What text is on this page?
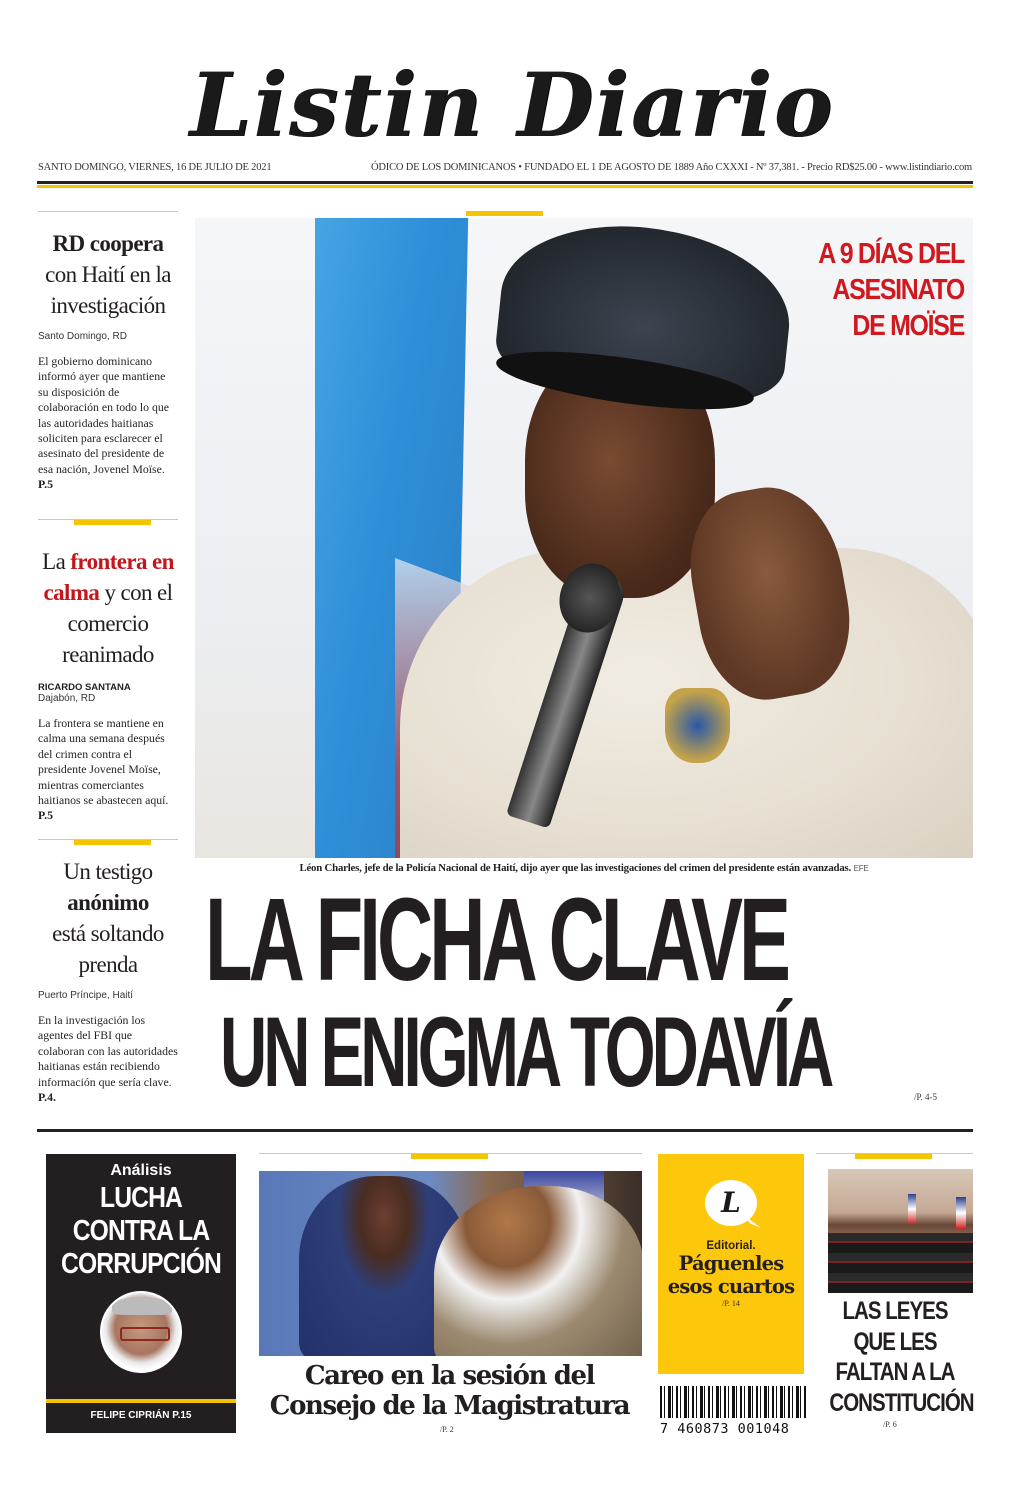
Listin Diario
SANTO DOMINGO, VIERNES, 16 DE JULIO DE 2021	ÓDICO DE LOS DOMINICANOS • FUNDADO EL 1 DE AGOSTO DE 1889 Año CXXXI - Nº 37,381. - Precio RD$25.00 - www.listindiario.com
A 9 DÍAS DEL
ASESINATO
DE MOÏSE
Léon Charles, jefe de la Policía Nacional de Haití, dijo ayer que las investigaciones del crimen del presidente están avanzadas. EFE
LA FICHA CLAVE
UN ENIGMA TODAVÍA	/P. 4-5
RD coopera
con Haití en la investigación
Santo Domingo, RD
El gobierno dominicano informó ayer que mantiene su disposición de colaboración en todo lo que las autoridades haitianas soliciten para esclarecer el asesinato del presidente de esa nación, Jovenel Moïse. P.5
La frontera en calma y con el comercio reanimado
RICARDO SANTANA
Dajabón, RD
La frontera se mantiene en calma una semana después del crimen contra el presidente Jovenel Moïse, mientras comerciantes haitianos se abastecen aquí. P.5
Un testigo
anónimo
está soltando prenda
Puerto Príncipe, Haití
En la investigación los agentes del FBI que colaboran con las autoridades haitianas están recibiendo información que sería clave. P.4.
Análisis
LUCHA
CONTRA LA
CORRUPCIÓN
FELIPE CIPRIÁN P.15
Careo en la sesión del Consejo de la Magistratura
/P. 2
L
Editorial.
Páguenles esos cuartos
/P. 14
7 460873 001048
LAS LEYES QUE LES FALTAN A LA CONSTITUCIÓN
/P. 6
